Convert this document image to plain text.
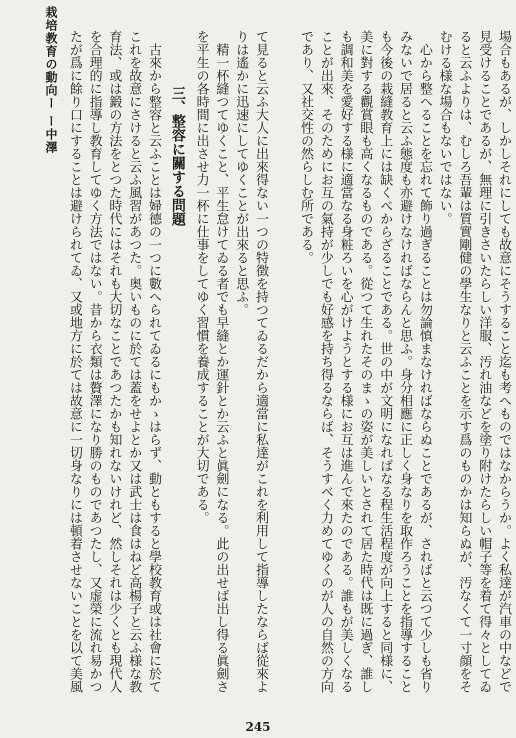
栽培教育の動向ー ー中澤	場合もあるが、しかしそれにしても故意にそうすること迄も考へものではなからうか。よく私達が汽車の中などで見受けることであるが、無理に引きさいたらしい洋服、汚れ油などを塗り附けたらしい帽子等を着て得々としてゐると云ふよりは、むしろ吾輩は質實剛健の學生なりと云ふことを示す爲のものかは知らぬが、汚なくて一寸顔をそむける様な場合もないではない。

心から整へることを忘れて飾り過ぎることは勿論慎まなければならぬことであるが、さればと云つて少しも省りみないで居ると云ふ態度も亦避けなければならんと思ふ。身分相應に正しく身なりを取作ろうことを指導することも今後の栽縫教育上には缺くべからざることである。世の中が文明になればなる程生活程度が向上すると同様に、美に對する觀賞眼も高くなるものである。從つて生れたそのまゝの姿が美しいとされて居た時代は既に過ぎ、誰しも調和美を愛好する様に適當なる身粧ろいを心がけようとする様にお互は進んで來たのである。誰もが美しくなることが出來、そのためにお互の氣持が少しでも好感を持ち得るならば、そうすべく力めてゆくのが人の自然の方向であり、又社交性の然らしむ所である。

て見ると云ふ大人に出來得ない一つの特徴を持つてゐるだから適當に私達がこれを利用して指導したならば從來よりは遙かに迅速にしてゆくことが出來ると思ふ。

精一杯縫つてゆくこと、平生怠けてゐる者でも早縫とか運針とか云ふと眞劍になる。此の出せば出し得る眞劍さを平生の各時間に出させ力一杯に仕事をしてゆく習慣を養成することが大切である。

三、整容に關する問題

古來から整容と云ふことは婦德の一つに數へられてゐるにもかゝはらず、動ともすると學校教育或は社會に於てこれを故意にさけると云ふ風習があつた。奥いものに於ては蓋をせよとか又は武士は食はねど高楊子と云ふ様な教育法、或は鍛の方法をとつた時代にはそれも大切なことであつたかも知れないけれど、然しそれは少くとも現代人を合理的に指導し教育してゆく方法ではない。昔から衣類は贅澤になり勝のものであつたし、又虚榮に流れ易かつたが爲に餘り口にすることは避けられてゐ、又或地方に於ては故意に一切身なりには頓着させないことを以て美風

245
